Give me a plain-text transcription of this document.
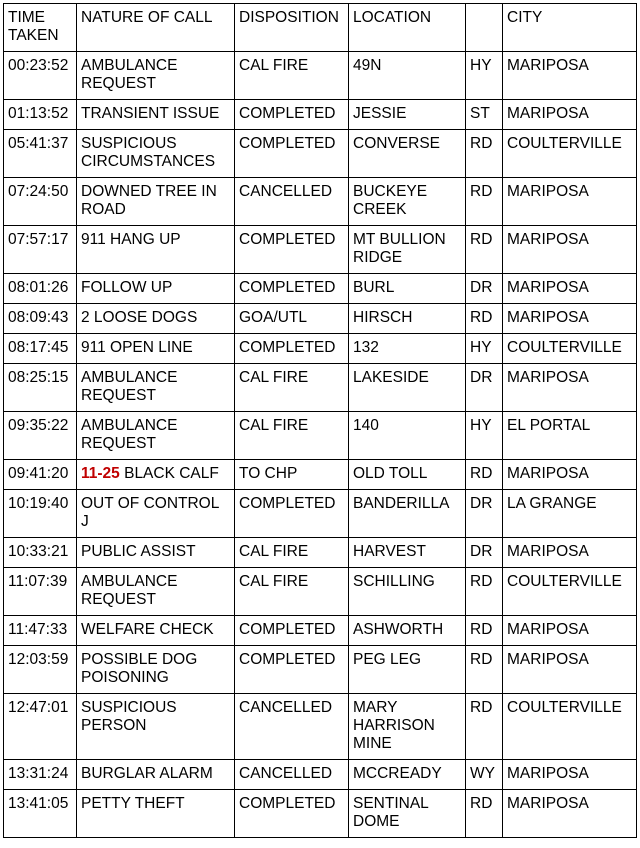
TIME TAKEN	NATURE OF CALL	DISPOSITION	LOCATION		CITY
00:23:52	AMBULANCE REQUEST	CAL FIRE	49N	HY	MARIPOSA
01:13:52	TRANSIENT ISSUE	COMPLETED	JESSIE	ST	MARIPOSA
05:41:37	SUSPICIOUS CIRCUMSTANCES	COMPLETED	CONVERSE	RD	COULTERVILLE
07:24:50	DOWNED TREE IN ROAD	CANCELLED	BUCKEYE CREEK	RD	MARIPOSA
07:57:17	911 HANG UP	COMPLETED	MT BULLION RIDGE	RD	MARIPOSA
08:01:26	FOLLOW UP	COMPLETED	BURL	DR	MARIPOSA
08:09:43	2 LOOSE DOGS	GOA/UTL	HIRSCH	RD	MARIPOSA
08:17:45	911 OPEN LINE	COMPLETED	132	HY	COULTERVILLE
08:25:15	AMBULANCE REQUEST	CAL FIRE	LAKESIDE	DR	MARIPOSA
09:35:22	AMBULANCE REQUEST	CAL FIRE	140	HY	EL PORTAL
09:41:20	11-25 BLACK CALF	TO CHP	OLD TOLL	RD	MARIPOSA
10:19:40	OUT OF CONTROL J	COMPLETED	BANDERILLA	DR	LA GRANGE
10:33:21	PUBLIC ASSIST	CAL FIRE	HARVEST	DR	MARIPOSA
11:07:39	AMBULANCE REQUEST	CAL FIRE	SCHILLING	RD	COULTERVILLE
11:47:33	WELFARE CHECK	COMPLETED	ASHWORTH	RD	MARIPOSA
12:03:59	POSSIBLE DOG POISONING	COMPLETED	PEG LEG	RD	MARIPOSA
12:47:01	SUSPICIOUS PERSON	CANCELLED	MARY HARRISON MINE	RD	COULTERVILLE
13:31:24	BURGLAR ALARM	CANCELLED	MCCREADY	WY	MARIPOSA
13:41:05	PETTY THEFT	COMPLETED	SENTINAL DOME	RD	MARIPOSA
